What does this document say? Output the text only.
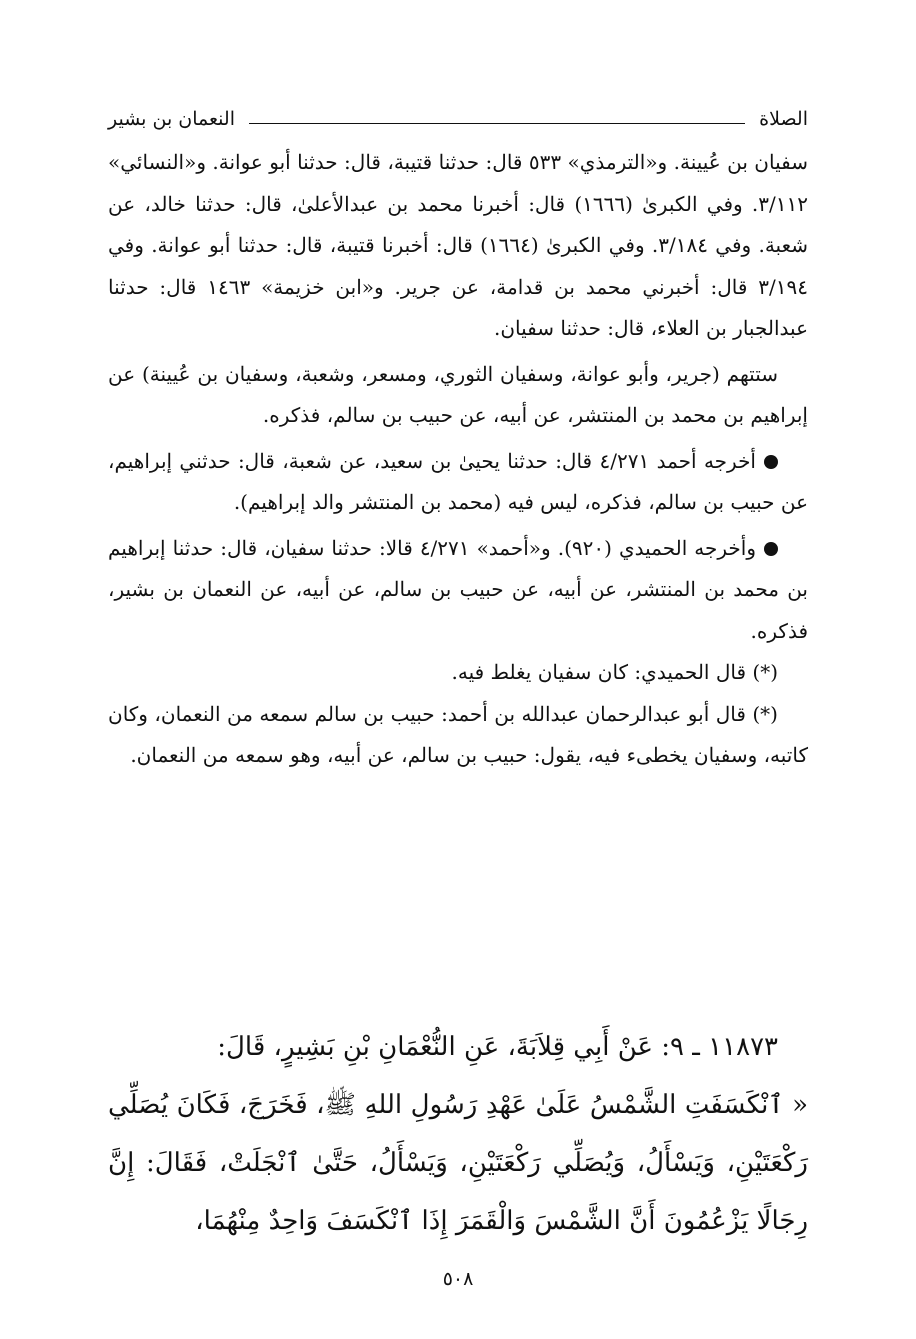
الصلاة
النعمان بن بشير

سفيان بن عُيينة. و«الترمذي» ٥٣٣ قال: حدثنا قتيبة، قال: حدثنا أبو عوانة. و«النسائي» ٣/١١٢. وفي الكبرىٰ (١٦٦٦) قال: أخبرنا محمد بن عبدالأعلىٰ، قال: حدثنا خالد، عن شعبة. وفي ٣/١٨٤. وفي الكبرىٰ (١٦٦٤) قال: أخبرنا قتيبة، قال: حدثنا أبو عوانة. وفي ٣/١٩٤ قال: أخبرني محمد بن قدامة، عن جرير. و«ابن خزيمة» ١٤٦٣ قال: حدثنا عبدالجبار بن العلاء، قال: حدثنا سفيان.

ستتهم (جرير، وأبو عوانة، وسفيان الثوري، ومسعر، وشعبة، وسفيان بن عُيينة) عن إبراهيم بن محمد بن المنتشر، عن أبيه، عن حبيب بن سالم، فذكره.

أخرجه أحمد ٤/٢٧١ قال: حدثنا يحيىٰ بن سعيد، عن شعبة، قال: حدثني إبراهيم، عن حبيب بن سالم، فذكره، ليس فيه (محمد بن المنتشر والد إبراهيم).

وأخرجه الحميدي (٩٢٠). و«أحمد» ٤/٢٧١ قالا: حدثنا سفيان، قال: حدثنا إبراهيم بن محمد بن المنتشر، عن أبيه، عن حبيب بن سالم، عن أبيه، عن النعمان بن بشير، فذكره.

(*) قال الحميدي: كان سفيان يغلط فيه.

(*) قال أبو عبدالرحمان عبدالله بن أحمد: حبيب بن سالم سمعه من النعمان، وكان كاتبه، وسفيان يخطىء فيه، يقول: حبيب بن سالم، عن أبيه، وهو سمعه من النعمان.

١١٨٧٣ ـ ٩: عَنْ أَبِي قِلاَبَةَ، عَنِ النُّعْمَانِ بْنِ بَشِيرٍ، قَالَ:

« ٱنْكَسَفَتِ الشَّمْسُ عَلَىٰ عَهْدِ رَسُولِ اللهِ ﷺ، فَخَرَجَ، فَكَانَ يُصَلِّي رَكْعَتَيْنِ، وَيَسْأَلُ، وَيُصَلِّي رَكْعَتَيْنِ، وَيَسْأَلُ، حَتَّىٰ ٱنْجَلَتْ، فَقَالَ: إِنَّ رِجَالًا يَزْعُمُونَ أَنَّ الشَّمْسَ وَالْقَمَرَ إِذَا ٱنْكَسَفَ وَاحِدٌ مِنْهُمَا،

٥٠٨
